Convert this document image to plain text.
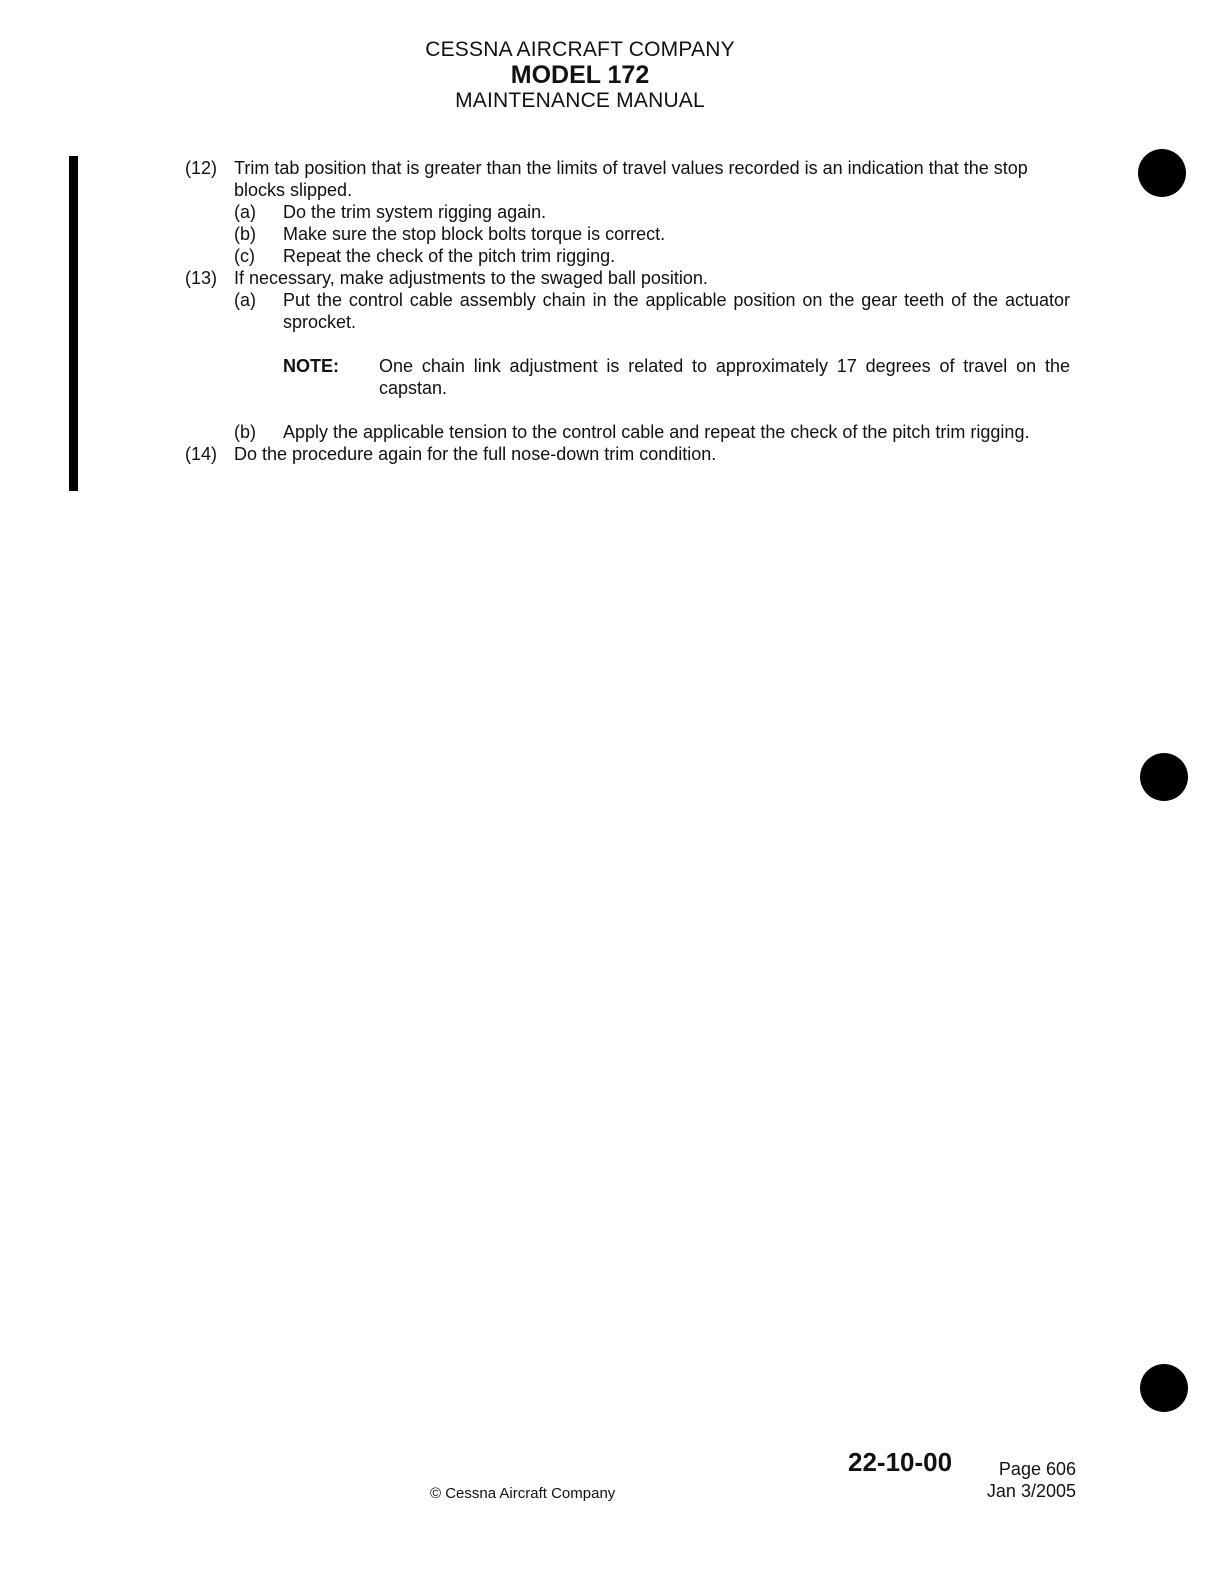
CESSNA AIRCRAFT COMPANY
MODEL 172
MAINTENANCE MANUAL
(12) Trim tab position that is greater than the limits of travel values recorded is an indication that the stop blocks slipped.
(a) Do the trim system rigging again.
(b) Make sure the stop block bolts torque is correct.
(c) Repeat the check of the pitch trim rigging.
(13) If necessary, make adjustments to the swaged ball position.
(a) Put the control cable assembly chain in the applicable position on the gear teeth of the actuator sprocket.
NOTE: One chain link adjustment is related to approximately 17 degrees of travel on the capstan.
(b) Apply the applicable tension to the control cable and repeat the check of the pitch trim rigging.
(14) Do the procedure again for the full nose-down trim condition.
22-10-00	Page 606
Jan 3/2005
© Cessna Aircraft Company
